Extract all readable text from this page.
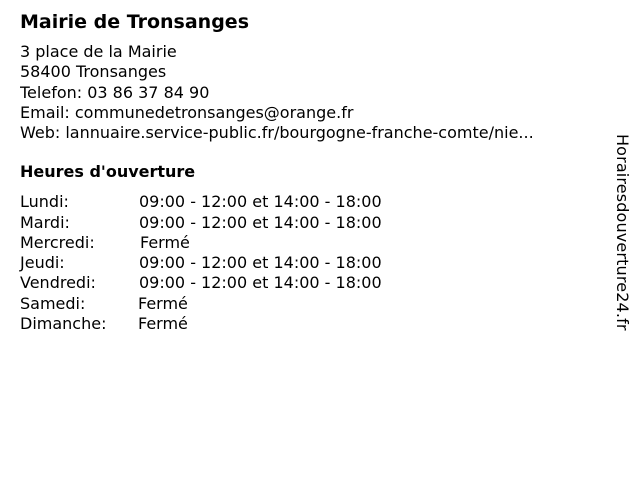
Mairie de Tronsanges
3 place de la Mairie
58400 Tronsanges
Telefon: 03 86 37 84 90
Email: communedetronsanges@orange.fr
Web: lannuaire.service-public.fr/bourgogne-franche-comte/nie...
Heures d'ouverture
Lundi:	09:00 - 12:00 et 14:00 - 18:00
Mardi:	09:00 - 12:00 et 14:00 - 18:00
Mercredi:	Fermé
Jeudi:	09:00 - 12:00 et 14:00 - 18:00
Vendredi:	09:00 - 12:00 et 14:00 - 18:00
Samedi:	Fermé
Dimanche:	Fermé	Horairesdouverture24.fr
